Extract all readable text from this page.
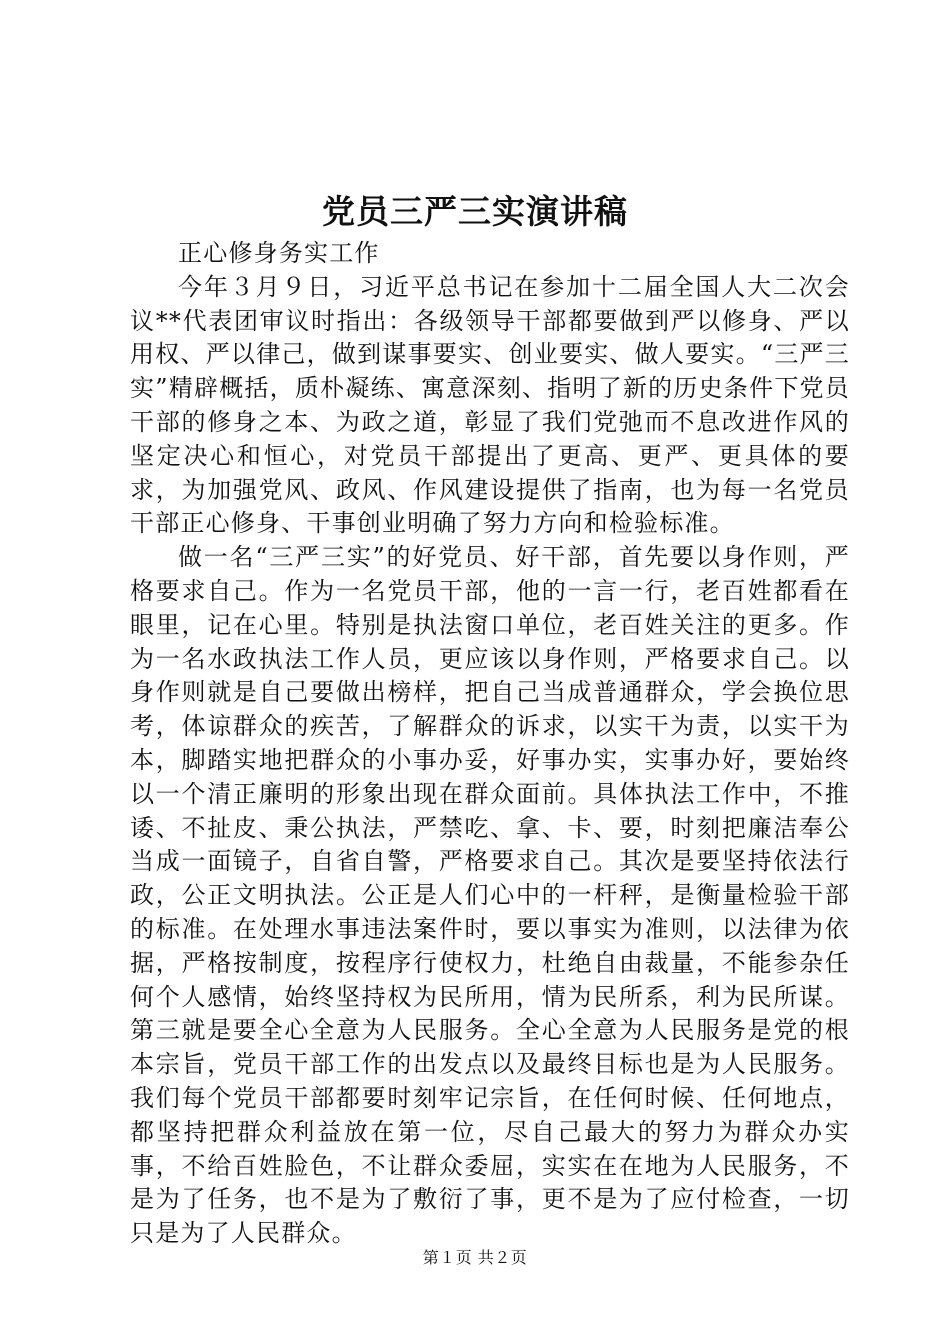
党员三严三实演讲稿

正心修身务实工作

今年３月９日，习近平总书记在参加十二届全国人大二次会议**代表团审议时指出：各级领导干部都要做到严以修身、严以用权、严以律己，做到谋事要实、创业要实、做人要实。“三严三实”精辟概括，质朴凝练、寓意深刻、指明了新的历史条件下党员干部的修身之本、为政之道，彰显了我们党弛而不息改进作风的坚定决心和恒心，对党员干部提出了更高、更严、更具体的要求，为加强党风、政风、作风建设提供了指南，也为每一名党员干部正心修身、干事创业明确了努力方向和检验标准。

做一名“三严三实”的好党员、好干部，首先要以身作则，严格要求自己。作为一名党员干部，他的一言一行，老百姓都看在眼里，记在心里。特别是执法窗口单位，老百姓关注的更多。作为一名水政执法工作人员，更应该以身作则，严格要求自己。以身作则就是自己要做出榜样，把自己当成普通群众，学会换位思考，体谅群众的疾苦，了解群众的诉求，以实干为责，以实干为本，脚踏实地把群众的小事办妥，好事办实，实事办好，要始终以一个清正廉明的形象出现在群众面前。具体执法工作中，不推诿、不扯皮、秉公执法，严禁吃、拿、卡、要，时刻把廉洁奉公当成一面镜子，自省自警，严格要求自己。其次是要坚持依法行政，公正文明执法。公正是人们心中的一杆秤，是衡量检验干部的标准。在处理水事违法案件时，要以事实为准则，以法律为依据，严格按制度，按程序行使权力，杜绝自由裁量，不能参杂任何个人感情，始终坚持权为民所用，情为民所系，利为民所谋。第三就是要全心全意为人民服务。全心全意为人民服务是党的根本宗旨，党员干部工作的出发点以及最终目标也是为人民服务。我们每个党员干部都要时刻牢记宗旨，在任何时候、任何地点，都坚持把群众利益放在第一位，尽自己最大的努力为群众办实事，不给百姓脸色，不让群众委屈，实实在在地为人民服务，不是为了任务，也不是为了敷衍了事，更不是为了应付检查，一切只是为了人民群众。

第１页 共２页
